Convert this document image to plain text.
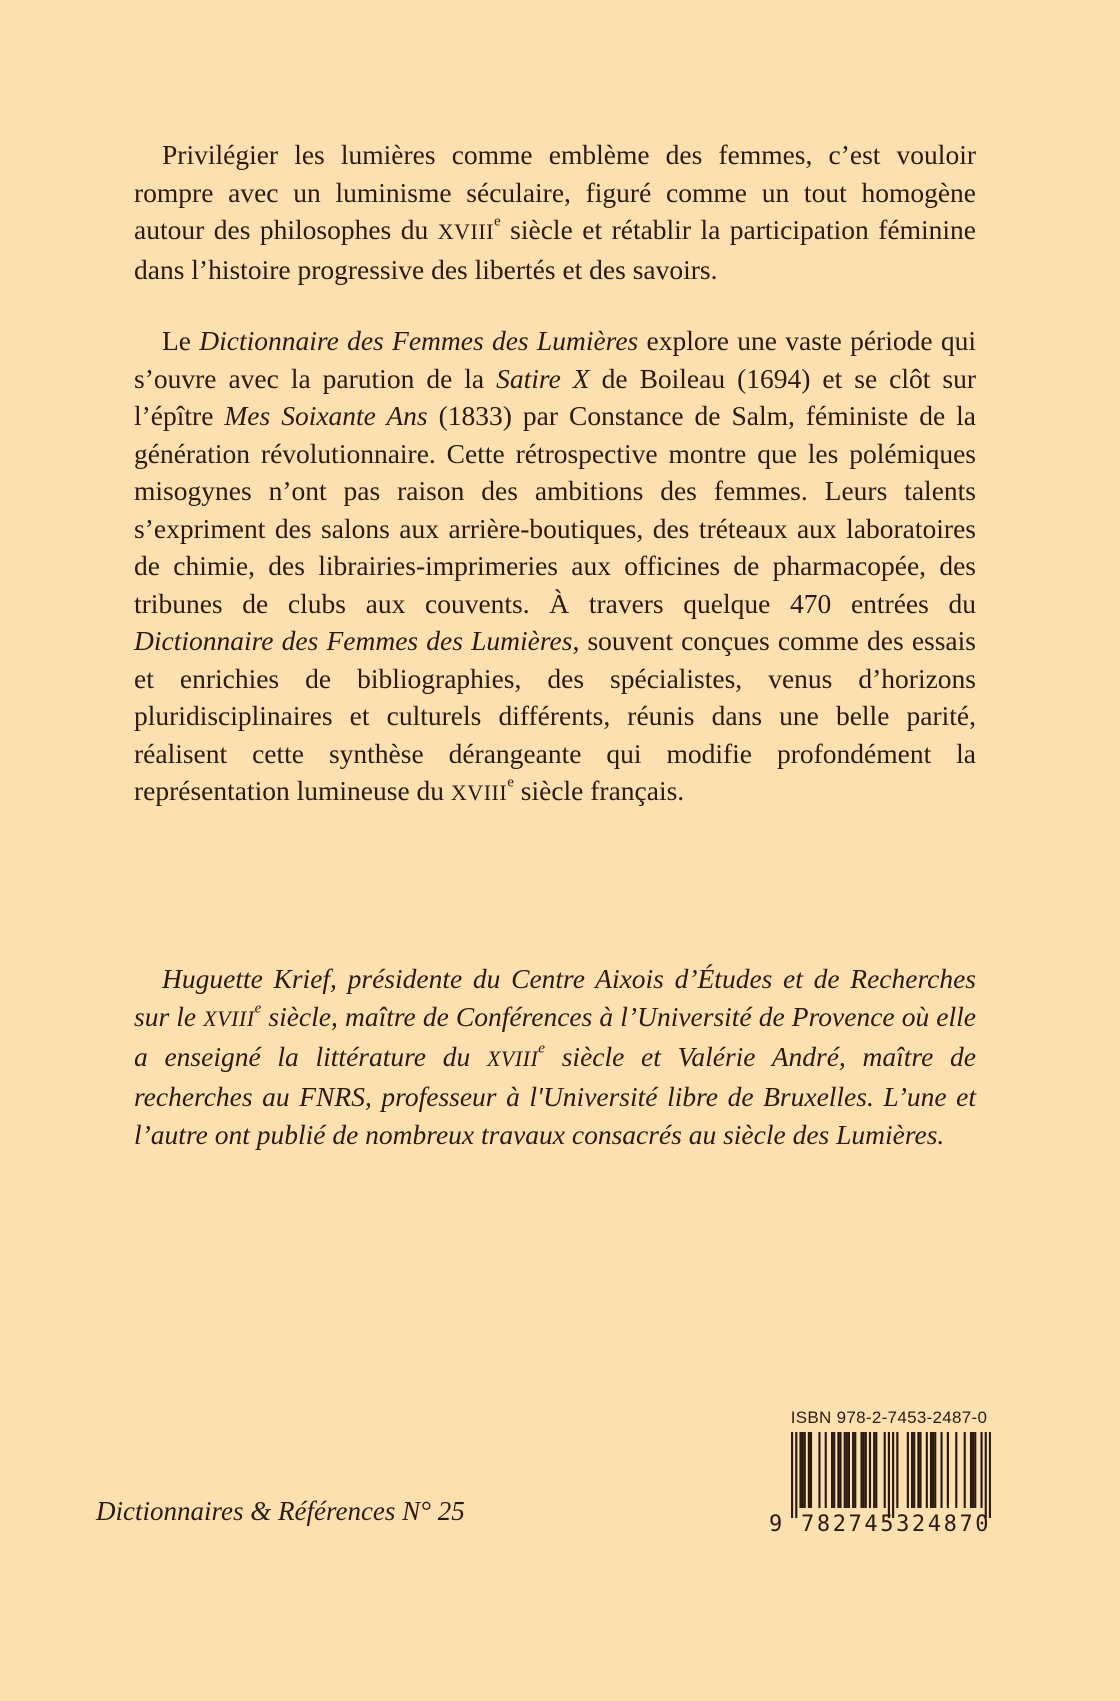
Privilégier les lumières comme emblème des femmes, c’est vouloir rompre avec un luminisme séculaire, figuré comme un tout homogène autour des philosophes du XVIIIe siècle et rétablir la participation féminine dans l’histoire progressive des libertés et des savoirs.

Le Dictionnaire des Femmes des Lumières explore une vaste période qui s’ouvre avec la parution de la Satire X de Boileau (1694) et se clôt sur l’épître Mes Soixante Ans (1833) par Constance de Salm, féministe de la génération révolutionnaire. Cette rétrospective montre que les polémiques misogynes n’ont pas raison des ambitions des femmes. Leurs talents s’expriment des salons aux arrière-boutiques, des tréteaux aux laboratoires de chimie, des librairies-imprimeries aux officines de pharmacopée, des tribunes de clubs aux couvents. À travers quelque 470 entrées du Dictionnaire des Femmes des Lumières, souvent conçues comme des essais et enrichies de bibliographies, des spécialistes, venus d’horizons pluridisciplinaires et culturels différents, réunis dans une belle parité, réalisent cette synthèse dérangeante qui modifie profondément la représentation lumineuse du XVIIIe siècle français.

Huguette Krief, présidente du Centre Aixois d’Études et de Recherches sur le XVIIIe siècle, maître de Conférences à l’Université de Provence où elle a enseigné la littérature du XVIIIe siècle et Valérie André, maître de recherches au FNRS, professeur à l'Université libre de Bruxelles. L’une et l’autre ont publié de nombreux travaux consacrés au siècle des Lumières.
Dictionnaires & Références N° 25
ISBN 978-2-7453-2487-0
9 782745324870
